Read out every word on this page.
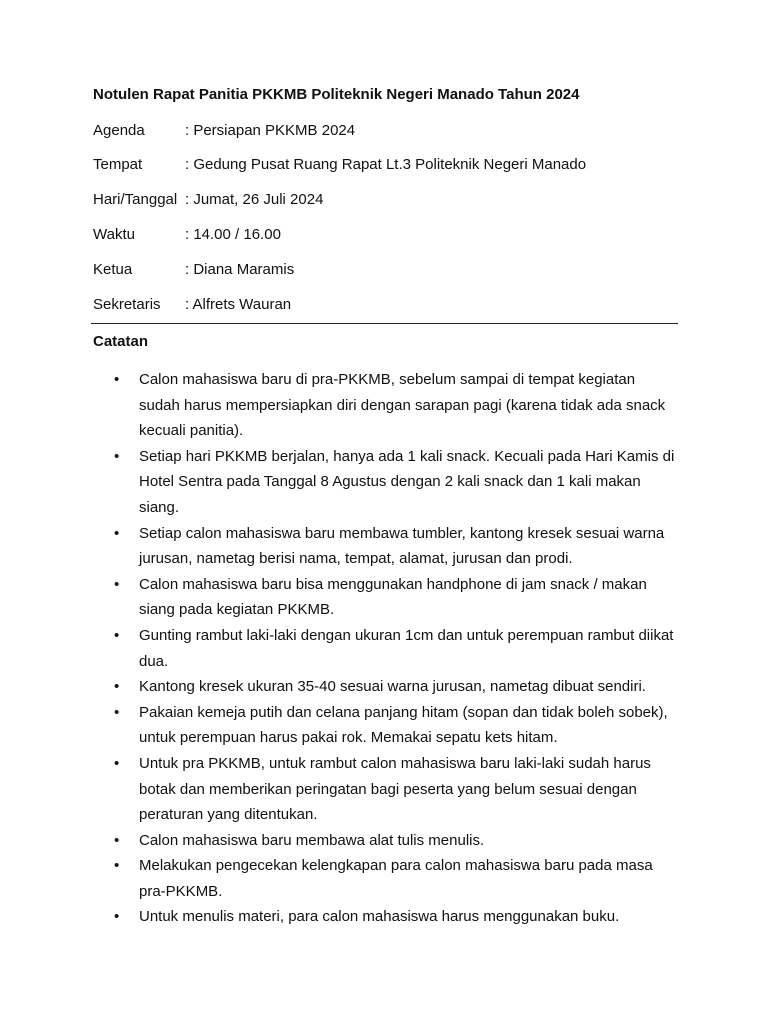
Notulen Rapat Panitia PKKMB Politeknik Negeri Manado Tahun 2024
Agenda	: Persiapan PKKMB 2024
Tempat	: Gedung Pusat Ruang Rapat Lt.3 Politeknik Negeri Manado
Hari/Tanggal : Jumat, 26 Juli 2024
Waktu	: 14.00 / 16.00
Ketua	: Diana Maramis
Sekretaris : Alfrets Wauran
Catatan
• Calon mahasiswa baru di pra-PKKMB, sebelum sampai di tempat kegiatan sudah harus mempersiapkan diri dengan sarapan pagi (karena tidak ada snack kecuali panitia).
• Setiap hari PKKMB berjalan, hanya ada 1 kali snack. Kecuali pada Hari Kamis di Hotel Sentra pada Tanggal 8 Agustus dengan 2 kali snack dan 1 kali makan siang.
• Setiap calon mahasiswa baru membawa tumbler, kantong kresek sesuai warna jurusan, nametag berisi nama, tempat, alamat, jurusan dan prodi.
• Calon mahasiswa baru bisa menggunakan handphone di jam snack / makan siang pada kegiatan PKKMB.
• Gunting rambut laki-laki dengan ukuran 1cm dan untuk perempuan rambut diikat dua.
• Kantong kresek ukuran 35-40 sesuai warna jurusan, nametag dibuat sendiri.
• Pakaian kemeja putih dan celana panjang hitam (sopan dan tidak boleh sobek), untuk perempuan harus pakai rok. Memakai sepatu kets hitam.
• Untuk pra PKKMB, untuk rambut calon mahasiswa baru laki-laki sudah harus botak dan memberikan peringatan bagi peserta yang belum sesuai dengan peraturan yang ditentukan.
• Calon mahasiswa baru membawa alat tulis menulis.
• Melakukan pengecekan kelengkapan para calon mahasiswa baru pada masa pra-PKKMB.
• Untuk menulis materi, para calon mahasiswa harus menggunakan buku.
